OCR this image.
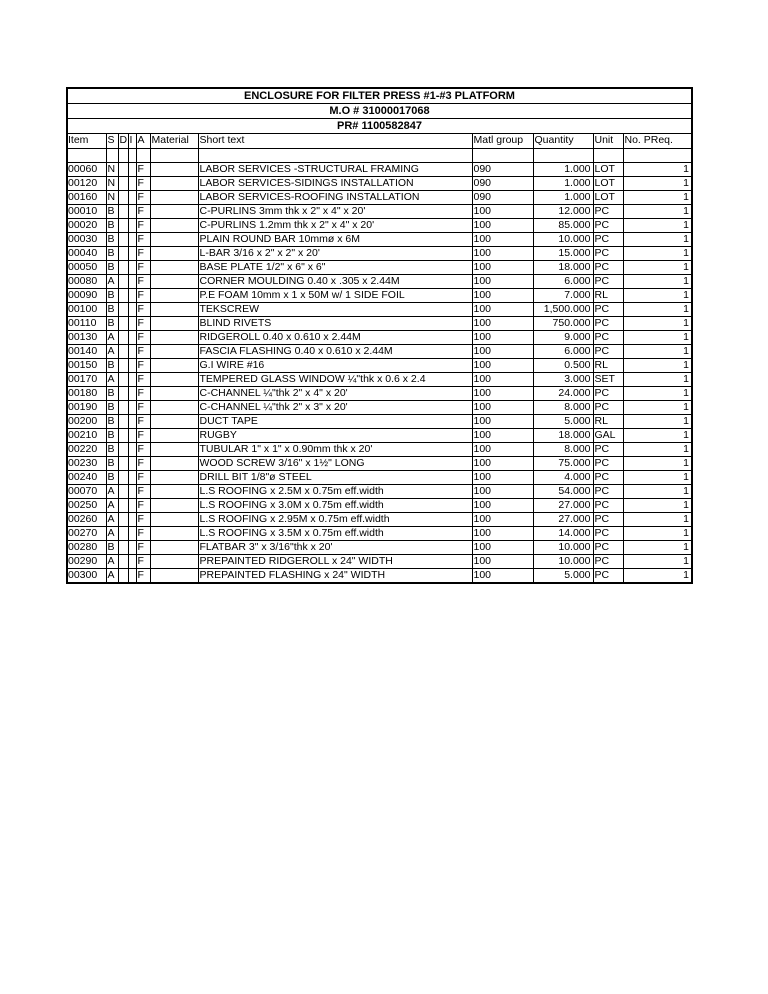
ENCLOSURE FOR FILTER PRESS #1-#3 PLATFORM
M.O # 31000017068
PR# 1100582847
Item	S	D	I	A	Material	Short text	Matl group	Quantity	Unit	No. PReq.

00060	N			F		LABOR SERVICES -STRUCTURAL FRAMING	090	1.000	LOT	1
00120	N			F		LABOR SERVICES-SIDINGS INSTALLATION	090	1.000	LOT	1
00160	N			F		LABOR SERVICES-ROOFING INSTALLATION	090	1.000	LOT	1
00010	B			F		C-PURLINS 3mm thk x 2" x 4" x 20'	100	12.000	PC	1
00020	B			F		C-PURLINS 1.2mm thk x 2" x 4" x 20'	100	85.000	PC	1
00030	B			F		PLAIN ROUND BAR 10mmø x 6M	100	10.000	PC	1
00040	B			F		L-BAR 3/16 x 2" x 2" x 20'	100	15.000	PC	1
00050	B			F		BASE PLATE 1/2" x 6" x 6"	100	18.000	PC	1
00080	A			F		CORNER MOULDING 0.40 x .305 x 2.44M	100	6.000	PC	1
00090	B			F		P.E FOAM 10mm x 1 x 50M w/ 1 SIDE FOIL	100	7.000	RL	1
00100	B			F		TEKSCREW	100	1,500.000	PC	1
00110	B			F		BLIND RIVETS	100	750.000	PC	1
00130	A			F		RIDGEROLL 0.40 x 0.610 x 2.44M	100	9.000	PC	1
00140	A			F		FASCIA FLASHING 0.40 x 0.610 x 2.44M	100	6.000	PC	1
00150	B			F		G.I WIRE #16	100	0.500	RL	1
00170	A			F		TEMPERED GLASS WINDOW ¼"thk x 0.6 x 2.4	100	3.000	SET	1
00180	B			F		C-CHANNEL ¼"thk 2" x 4" x 20'	100	24.000	PC	1
00190	B			F		C-CHANNEL ¼"thk 2" x 3" x 20'	100	8.000	PC	1
00200	B			F		DUCT TAPE	100	5.000	RL	1
00210	B			F		RUGBY	100	18.000	GAL	1
00220	B			F		TUBULAR 1" x 1" x 0.90mm thk x 20'	100	8.000	PC	1
00230	B			F		WOOD SCREW 3/16" x 1½" LONG	100	75.000	PC	1
00240	B			F		DRILL BIT 1/8"ø STEEL	100	4.000	PC	1
00070	A			F		L.S ROOFING x 2.5M x 0.75m eff.width	100	54.000	PC	1
00250	A			F		L.S ROOFING x 3.0M x 0.75m eff.width	100	27.000	PC	1
00260	A			F		L.S ROOFING x 2.95M x 0.75m eff.width	100	27.000	PC	1
00270	A			F		L.S ROOFING x 3.5M x 0.75m eff.width	100	14.000	PC	1
00280	B			F		FLATBAR 3" x 3/16"thk x 20'	100	10.000	PC	1
00290	A			F		PREPAINTED RIDGEROLL x 24" WIDTH	100	10.000	PC	1
00300	A			F		PREPAINTED FLASHING x 24" WIDTH	100	5.000	PC	1
